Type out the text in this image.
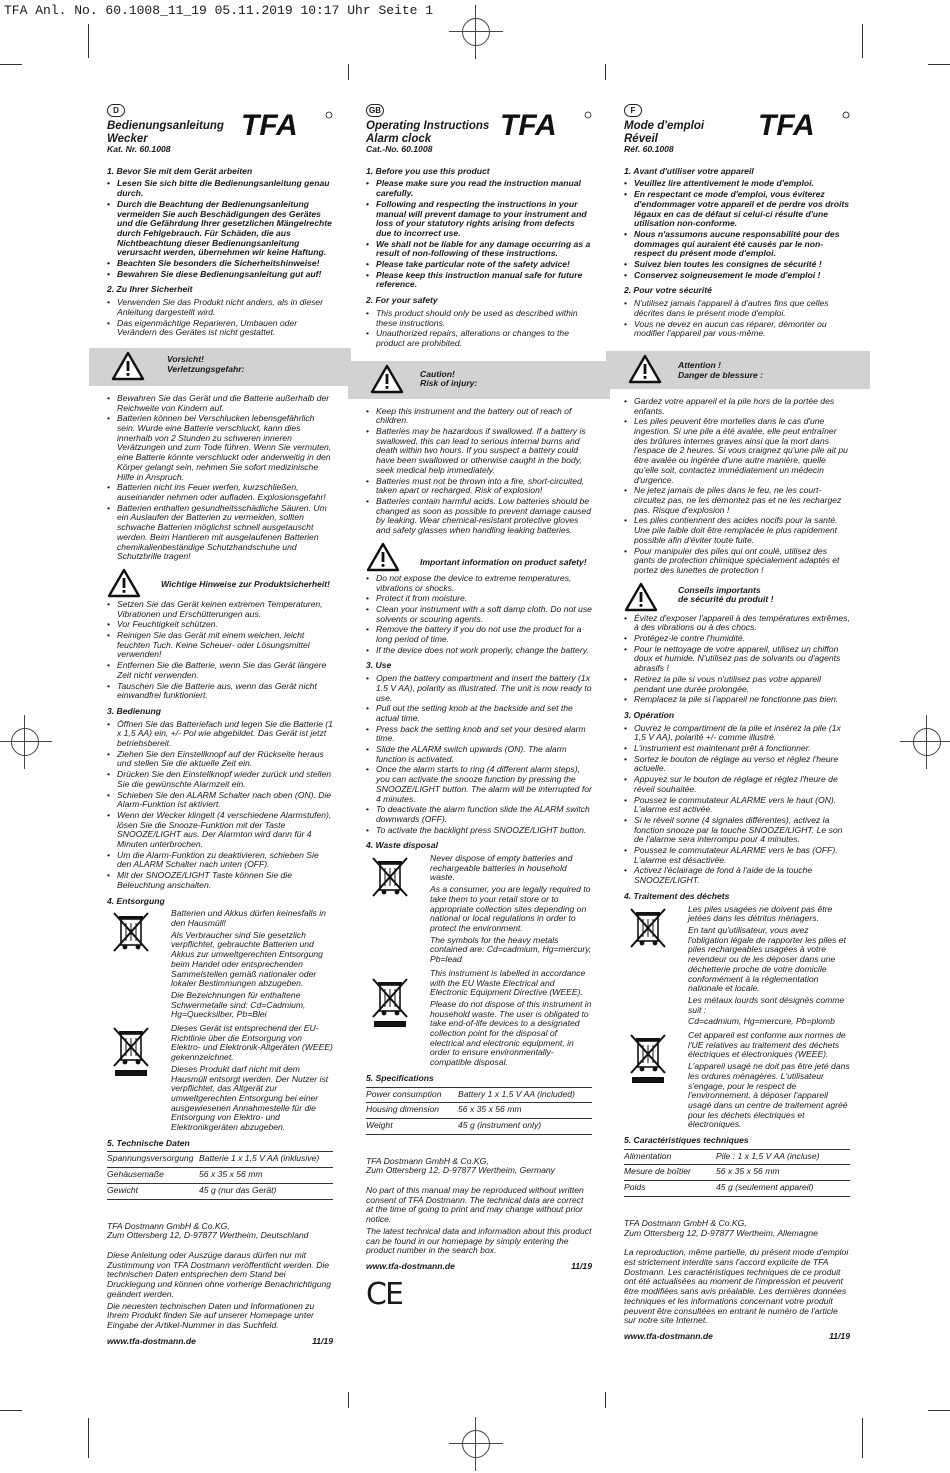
TFA Anl. No. 60.1008_11_19 05.11.2019 10:17 Uhr Seite 1
D	TFA
Bedienungsanleitung
Wecker
Kat. Nr. 60.1008
1. Bevor Sie mit dem Gerät arbeiten
• Lesen Sie sich bitte die Bedienungsanleitung genau durch.
• Durch die Beachtung der Bedienungsanleitung vermeiden Sie auch Beschädigungen des Gerätes und die Gefährdung Ihrer gesetzlichen Mängelrechte durch Fehlgebrauch. Für Schäden, die aus Nichtbeachtung dieser Bedienungsanleitung verursacht werden, übernehmen wir keine Haftung.
• Beachten Sie besonders die Sicherheitshinweise!
• Bewahren Sie diese Bedienungsanleitung gut auf!
2. Zu Ihrer Sicherheit
• Verwenden Sie das Produkt nicht anders, als in dieser Anleitung dargestellt wird.
• Das eigenmächtige Reparieren, Umbauen oder Verändern des Gerätes ist nicht gestattet.
Vorsicht!
Verletzungsgefahr:
• Bewahren Sie das Gerät und die Batterie außerhalb der Reichweite von Kindern auf.
• Batterien können bei Verschlucken lebensgefährlich sein. Wurde eine Batterie verschluckt, kann dies innerhalb von 2 Stunden zu schweren inneren Verätzungen und zum Tode führen. Wenn Sie vermuten, eine Batterie könnte verschluckt oder anderweitig in den Körper gelangt sein, nehmen Sie sofort medizinische Hilfe in Anspruch.
• Batterien nicht ins Feuer werfen, kurzschließen, auseinander nehmen oder aufladen. Explosionsgefahr!
• Batterien enthalten gesundheitsschädliche Säuren. Um ein Auslaufen der Batterien zu vermeiden, sollten schwache Batterien möglichst schnell ausgetauscht werden. Beim Hantieren mit ausgelaufenen Batterien chemikalienbeständige Schutzhandschuhe und Schutzbrille tragen!
Wichtige Hinweise zur Produktsicherheit!
• Setzen Sie das Gerät keinen extremen Temperaturen, Vibrationen und Erschütterungen aus.
• Vor Feuchtigkeit schützen.
• Reinigen Sie das Gerät mit einem weichen, leicht feuchten Tuch. Keine Scheuer- oder Lösungsmittel verwenden!
• Entfernen Sie die Batterie, wenn Sie das Gerät längere Zeit nicht verwenden.
• Tauschen Sie die Batterie aus, wenn das Gerät nicht einwandfrei funktioniert.
3. Bedienung
• Öffnen Sie das Batteriefach und legen Sie die Batterie (1 x 1,5 AA) ein, +/- Pol wie abgebildet. Das Gerät ist jetzt betriebsbereit.
• Ziehen Sie den Einstellknopf auf der Rückseite heraus und stellen Sie die aktuelle Zeit ein.
• Drücken Sie den Einstellknopf wieder zurück und stellen Sie die gewünschte Alarmzeit ein.
• Schieben Sie den ALARM Schalter nach oben (ON). Die Alarm-Funktion ist aktiviert.
• Wenn der Wecker klingelt (4 verschiedene Alarmstufen), lösen Sie die Snooze-Funktion mit der Taste SNOOZE/LIGHT aus. Der Alarmton wird dann für 4 Minuten unterbrochen.
• Um die Alarm-Funktion zu deaktivieren, schieben Sie den ALARM Schalter nach unten (OFF).
• Mit der SNOOZE/LIGHT Taste können Sie die Beleuchtung anschalten.
4. Entsorgung

Batterien und Akkus dürfen keinesfalls in den Hausmüll!

Als Verbraucher sind Sie gesetzlich verpflichtet, gebrauchte Batterien und Akkus zur umweltgerechten Entsorgung beim Handel oder entsprechenden Sammelstellen gemäß nationaler oder lokaler Bestimmungen abzugeben.

Die Bezeichnungen für enthaltene Schwermetalle sind: Cd=Cadmium, Hg=Quecksilber, Pb=Blei

Dieses Gerät ist entsprechend der EU-Richtlinie über die Entsorgung von Elektro- und Elektronik-Altgeräten (WEEE) gekennzeichnet.

Dieses Produkt darf nicht mit dem Hausmüll entsorgt werden. Der Nutzer ist verpflichtet, das Altgerät zur umweltgerechten Entsorgung bei einer ausgewiesenen Annahmestelle für die Entsorgung von Elektro- und Elektronikgeräten abzugeben.

5. Technische Daten
Spannungsversorgung	Batterie 1 x 1,5 V AA (inklusive)
Gehäusemaße	56 x 35 x 56 mm
Gewicht	45 g (nur das Gerät)
TFA Dostmann GmbH & Co.KG,
Zum Ottersberg 12, D-97877 Wertheim, Deutschland

Diese Anleitung oder Auszüge daraus dürfen nur mit Zustimmung von TFA Dostmann veröffentlicht werden. Die technischen Daten entsprechen dem Stand bei Drucklegung und können ohne vorherige Benachrichtigung geändert werden.

Die neuesten technischen Daten und Informationen zu Ihrem Produkt finden Sie auf unserer Homepage unter Eingabe der Artikel-Nummer in das Suchfeld.

www.tfa-dostmann.de	11/19
GB	TFA
Operating Instructions
Alarm clock
Cat.-No. 60.1008
1. Before you use this product
• Please make sure you read the instruction manual carefully.
• Following and respecting the instructions in your manual will prevent damage to your instrument and loss of your statutory rights arising from defects due to incorrect use.
• We shall not be liable for any damage occurring as a result of non-following of these instructions.
• Please take particular note of the safety advice!
• Please keep this instruction manual safe for future reference.
2. For your safety
• This product should only be used as described within these instructions.
• Unauthorized repairs, alterations or changes to the product are prohibited.
Caution!
Risk of injury:
• Keep this instrument and the battery out of reach of children.
• Batteries may be hazardous if swallowed. If a battery is swallowed, this can lead to serious internal burns and death within two hours. If you suspect a battery could have been swallowed or otherwise caught in the body, seek medical help immediately.
• Batteries must not be thrown into a fire, short-circuited, taken apart or recharged. Risk of explosion!
• Batteries contain harmful acids. Low batteries should be changed as soon as possible to prevent damage caused by leaking. Wear chemical-resistant protective gloves and safety glasses when handling leaking batteries.
Important information on product safety!
• Do not expose the device to extreme temperatures, vibrations or shocks.
• Protect it from moisture.
• Clean your instrument with a soft damp cloth. Do not use solvents or scouring agents.
• Remove the battery if you do not use the product for a long period of time.
• If the device does not work properly, change the battery.
3. Use
• Open the battery compartment and insert the battery (1x 1.5 V AA), polarity as illustrated. The unit is now ready to use.
• Pull out the setting knob at the backside and set the actual time.
• Press back the setting knob and set your desired alarm time.
• Slide the ALARM switch upwards (ON). The alarm function is activated.
• Once the alarm starts to ring (4 different alarm steps), you can activate the snooze function by pressing the SNOOZE/LIGHT button. The alarm will be interrupted for 4 minutes.
• To deactivate the alarm function slide the ALARM switch downwards (OFF).
• To activate the backlight press SNOOZE/LIGHT button.
4. Waste disposal

Never dispose of empty batteries and rechargeable batteries in household waste.

As a consumer, you are legally required to take them to your retail store or to appropriate collection sites depending on national or local regulations in order to protect the environment.

The symbols for the heavy metals contained are: Cd=cadmium, Hg=mercury, Pb=lead

This instrument is labelled in accordance with the EU Waste Electrical and Electronic Equipment Directive (WEEE).

Please do not dispose of this instrument in household waste. The user is obligated to take end-of-life devices to a designated collection point for the disposal of electrical and electronic equipment, in order to ensure environmentally-compatible disposal.

5. Specifications
Power consumption	Battery 1 x 1,5 V AA (included)
Housing dimension	56 x 35 x 56 mm
Weight	45 g (instrument only)
TFA Dostmann GmbH & Co.KG,
Zum Ottersberg 12, D-97877 Wertheim, Germany

No part of this manual may be reproduced without written consent of TFA Dostmann. The technical data are correct at the time of going to print and may change without prior notice.

The latest technical data and information about this product can be found in our homepage by simply entering the product number in the search box.

www.tfa-dostmann.de	11/19
CE
F	TFA
Mode d'emploi
Réveil
Réf. 60.1008
1. Avant d'utiliser votre appareil
• Veuillez lire attentivement le mode d'emploi.
• En respectant ce mode d'emploi, vous éviterez d'endommager votre appareil et de perdre vos droits légaux en cas de défaut si celui-ci résulte d'une utilisation non-conforme.
• Nous n'assumons aucune responsabilité pour des dommages qui auraient été causés par le non-respect du présent mode d'emploi.
• Suivez bien toutes les consignes de sécurité !
• Conservez soigneusement le mode d'emploi !
2. Pour votre sécurité
• N'utilisez jamais l'appareil à d'autres fins que celles décrites dans le présent mode d'emploi.
• Vous ne devez en aucun cas réparer, démonter ou modifier l'appareil par vous-même.
Attention !
Danger de blessure :
• Gardez votre appareil et la pile hors de la portée des enfants.
• Les piles peuvent être mortelles dans le cas d'une ingestion. Si une pile a été avalée, elle peut entraîner des brûlures internes graves ainsi que la mort dans l'espace de 2 heures. Si vous craignez qu'une pile ait pu être avalée ou ingérée d'une autre manière, quelle qu'elle soit, contactez immédiatement un médecin d'urgence.
• Ne jetez jamais de piles dans le feu, ne les court-circuitez pas, ne les démontez pas et ne les rechargez pas. Risque d'explosion !
• Les piles contiennent des acides nocifs pour la santé. Une pile faible doit être remplacée le plus rapidement possible afin d'éviter toute fuite.
• Pour manipuler des piles qui ont coulé, utilisez des gants de protection chimique spécialement adaptés et portez des lunettes de protection !
Conseils importants
de sécurité du produit !
• Évitez d'exposer l'appareil à des températures extrêmes, à des vibrations ou à des chocs.
• Protégez-le contre l'humidité.
• Pour le nettoyage de votre appareil, utilisez un chiffon doux et humide. N'utilisez pas de solvants ou d'agents abrasifs !
• Retirez la pile si vous n'utilisez pas votre appareil pendant une durée prolongée.
• Remplacez la pile si l'appareil ne fonctionne pas bien.
3. Opération
• Ouvrez le compartiment de la pile et insérez la pile (1x 1,5 V AA), polarité +/- comme illustré.
• L'instrument est maintenant prêt à fonctionner.
• Sortez le bouton de réglage au verso et réglez l'heure actuelle.
• Appuyez sur le bouton de réglage et réglez l'heure de réveil souhaitée.
• Poussez le commutateur ALARME vers le haut (ON). L'alarme est activée.
• Si le réveil sonne (4 signales différentes), activez la fonction snooze par la touche SNOOZE/LIGHT. Le son de l'alarme sera interrompu pour 4 minutes.
• Poussez le commutateur ALARME vers le bas (OFF). L'alarme est désactivée.
• Activez l'éclairage de fond à l'aide de la touche SNOOZE/LIGHT.
4. Traitement des déchets

Les piles usagées ne doivent pas être jetées dans les détritus ménagers.

En tant qu'utilisateur, vous avez l'obligation légale de rapporter les piles et piles rechargeables usagées à votre revendeur ou de les déposer dans une déchetterie proche de votre domicile conformément à la réglementation nationale et locale.

Les métaux lourds sont désignés comme suit :

Cd=cadmium, Hg=mercure, Pb=plomb

Cet appareil est conforme aux normes de l'UE relatives au traitement des déchets électriques et électroniques (WEEE).

L'appareil usagé ne doit pas être jeté dans les ordures ménagères. L'utilisateur s'engage, pour le respect de l'environnement, à déposer l'appareil usagé dans un centre de traitement agréé pour les déchets électriques et électroniques.

5. Caractéristiques techniques
Alimentation	Pile : 1 x 1,5 V AA (incluse)
Mesure de boîtier	56 x 35 x 56 mm
Poids	45 g (seulement appareil)
TFA Dostmann GmbH & Co.KG,
Zum Ottersberg 12, D-97877 Wertheim, Allemagne

La reproduction, même partielle, du présent mode d'emploi est strictement interdite sans l'accord explicite de TFA Dostmann. Les caractéristiques techniques de ce produit ont été actualisées au moment de l'impression et peuvent être modifiées sans avis préalable. Les dernières données techniques et les informations concernant votre produit peuvent être consultées en entrant le numéro de l'article sur notre site Internet.

www.tfa-dostmann.de	11/19
